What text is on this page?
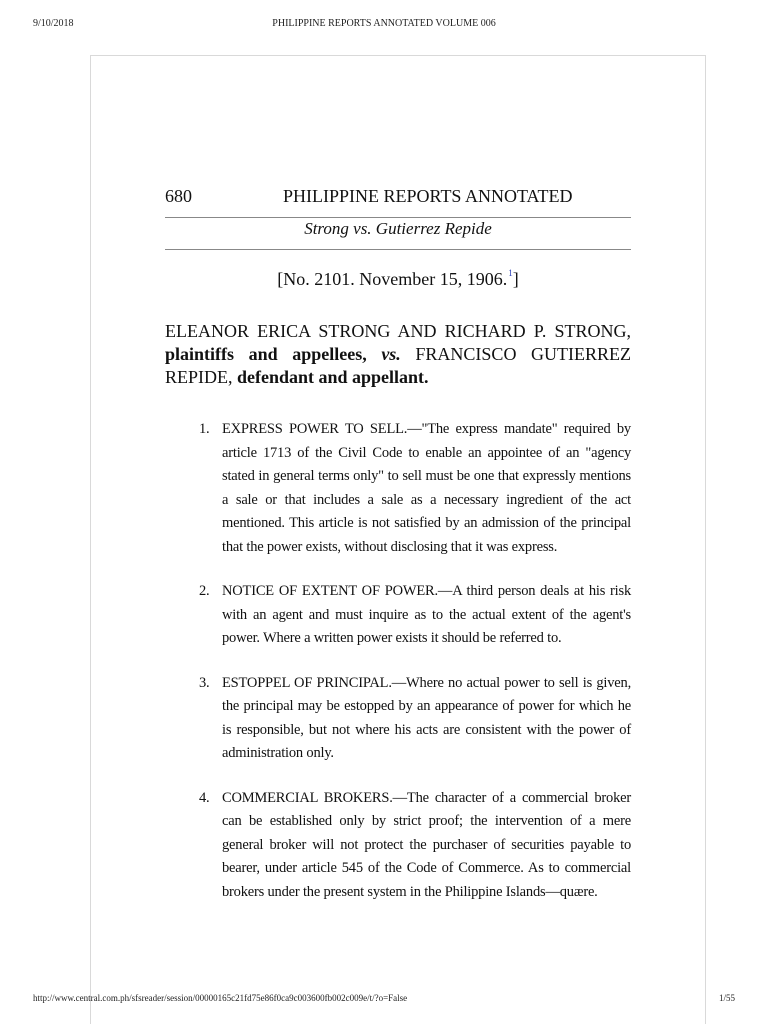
9/10/2018	PHILIPPINE REPORTS ANNOTATED VOLUME 006
680	PHILIPPINE REPORTS ANNOTATED
Strong vs. Gutierrez Repide
[No. 2101. November 15, 1906.$^1$]
ELEANOR ERICA STRONG AND RICHARD P. STRONG, plaintiffs and appellees, vs. FRANCISCO GUTIERREZ REPIDE, defendant and appellant.
1. EXPRESS POWER TO SELL.—"The express mandate" required by article 1713 of the Civil Code to enable an appointee of an "agency stated in general terms only" to sell must be one that expressly mentions a sale or that includes a sale as a necessary ingredient of the act mentioned. This article is not satisfied by an admission of the principal that the power exists, without disclosing that it was express.
2. NOTICE OF EXTENT OF POWER.—A third person deals at his risk with an agent and must inquire as to the actual extent of the agent's power. Where a written power exists it should be referred to.
3. ESTOPPEL OF PRINCIPAL.—Where no actual power to sell is given, the principal may be estopped by an appearance of power for which he is responsible, but not where his acts are consistent with the power of administration only.
4. COMMERCIAL BROKERS.—The character of a commercial broker can be established only by strict proof; the intervention of a mere general broker will not protect the purchaser of securities payable to bearer, under article 545 of the Code of Commerce. As to commercial brokers under the present system in the Philippine Islands—quære.
http://www.central.com.ph/sfsreader/session/00000165c21fd75e86f0ca9c003600fb002c009e/t/?o=False	1/55
